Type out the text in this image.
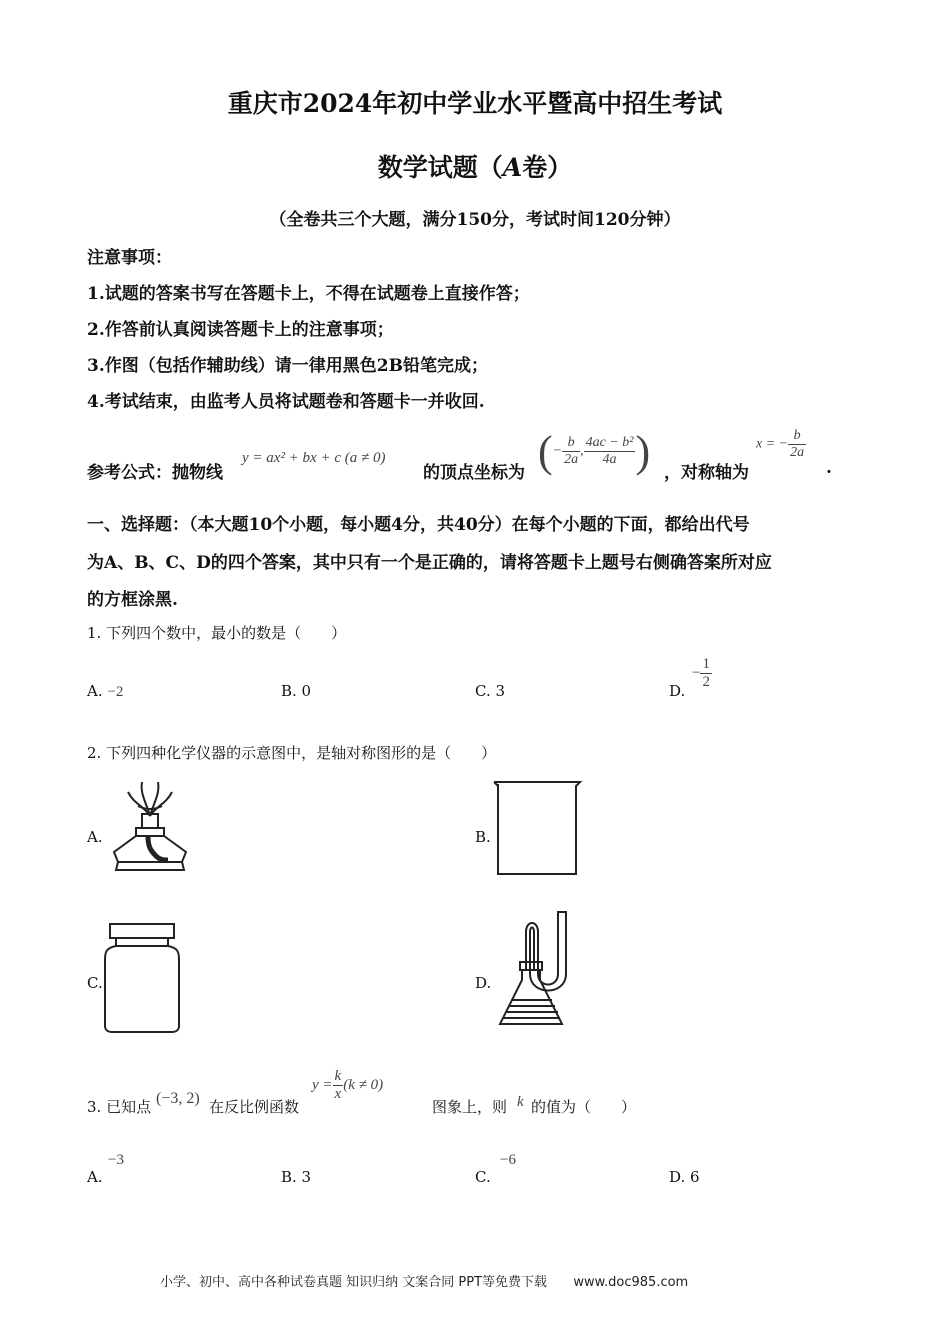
重庆市2024年初中学业水平暨高中招生考试
数学试题（A卷）
（全卷共三个大题，满分150分，考试时间120分钟）
注意事项：
1.试题的答案书写在答题卡上，不得在试题卷上直接作答；
2.作答前认真阅读答题卡上的注意事项；
3.作图（包括作辅助线）请一律用黑色2B铅笔完成；
4.考试结束，由监考人员将试题卷和答题卡一并收回.
参考公式：抛物线
y = ax² + bx + c (a ≠ 0)
的顶点坐标为 (− $\frac{b}{2a}$ , $\frac{\text{4ac − b²}}{4a}$ ) ，对称轴为
x = − $\frac{b}{2a}$
.
一、选择题：（本大题10个小题，每小题4分，共40分）在每个小题的下面，都给出代号
为A、B、C、D的四个答案，其中只有一个是正确的，请将答题卡上题号右侧确答案所对应
的方框涂黑.
1. 下列四个数中，最小的数是（　　）
A. −2	B. 0	C. 3	D.
− $\frac{1}{2}$
2. 下列四种化学仪器的示意图中，是轴对称图形的是（　　）
A.	B.
C.	D.
3. 已知点 (−3, 2) 在反比例函数
$y = \frac{k}{x} (k \ne 0)$
图象上，则 k 的值为（　　）
A.
−3
B. 3	C.
−6
D. 6
小学、初中、高中各种试卷真题 知识归纳 文案合同 PPT等免费下载 www.doc985.com
